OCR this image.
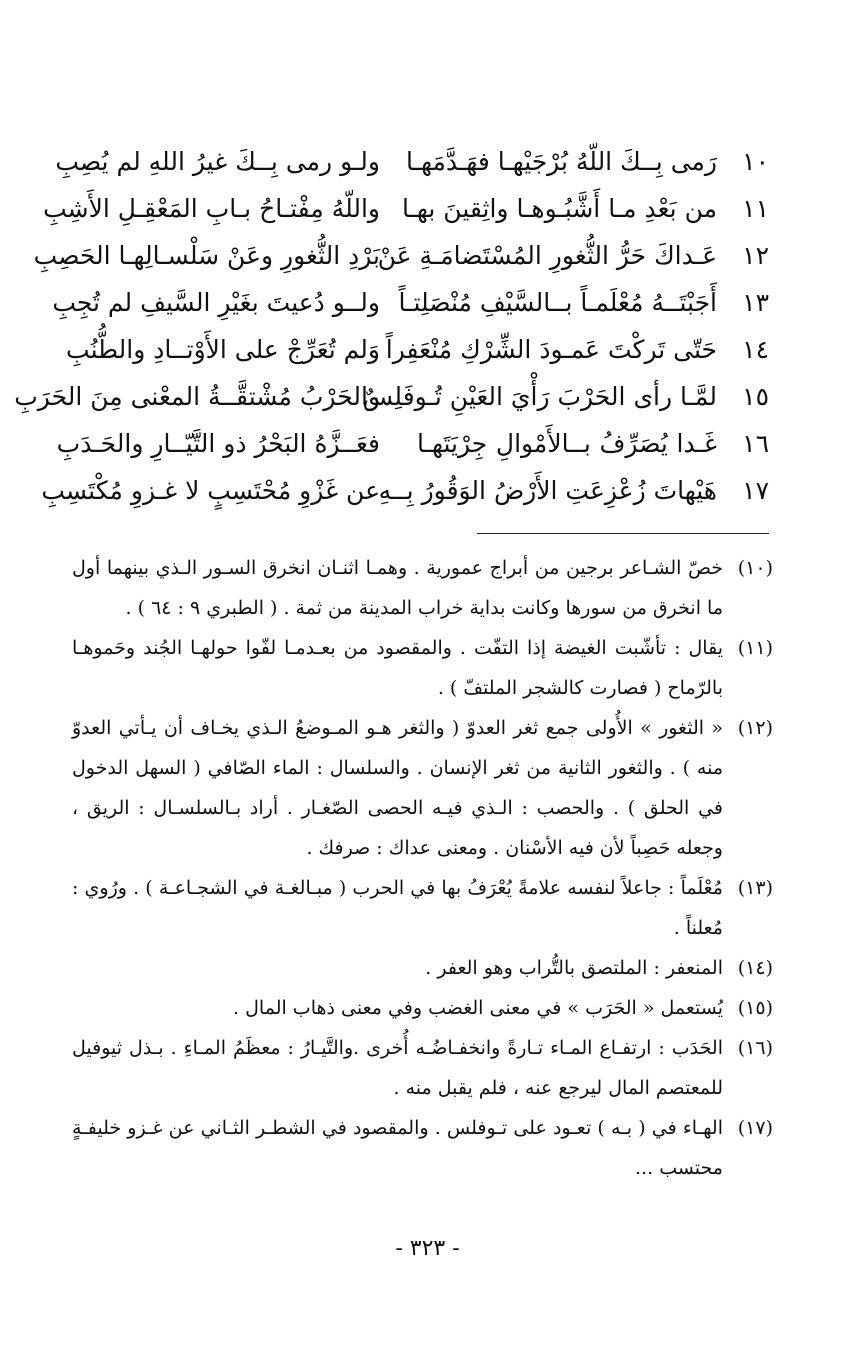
١٠
رَمى بِــكَ اللّهُ بُرْجَيْهـا فهَـدَّمَهـا
ولـو رمى بِــكَ غيرُ اللهِ لم يُصِبِ
١١
من بَعْدِ مـا أَشَّبُـوهـا واثِقينَ بهـا
واللّهُ مِفْتـاحُ بـابِ المَعْقِـلِ الأَشِبِ
١٢
عَـداكَ حَرُّ الثُّغورِ المُسْتَضامَـةِ عَنْ
بَرْدِ الثُّغورِ وعَنْ سَلْسـالِهـا الحَصِبِ
١٣
أَجَبْتَــهُ مُعْلَمـاً بــالسَّيْفِ مُنْصَلِتـاً
ولــو دُعيتَ بغَيْرِ السَّيفِ لم تُجِبِ
١٤
حَتّى تَركْتَ عَمـودَ الشِّرْكِ مُنْعَفِراً
وَلم تُعَرِّجْ على الأَوْتــادِ والطُّنُبِ
١٥
لمَّـا رأى الحَرْبَ رَأْيَ العَيْنِ تُـوفَلِسٌ
والحَرْبُ مُشْتقَّــةُ المعْنى مِنَ الحَرَبِ
١٦
غَـدا يُصَرِّفُ بــالأَمْوالِ جِرْيَتَهـا
فعَــزَّهُ البَحْرُ ذو التَّيّــارِ والحَـدَبِ
١٧
هَيْهاتَ زُعْزِعَتِ الأَرْضُ الوَقُورُ بِــهِ
عن غَزْوِ مُحْتَسِبٍ لا غـزوِ مُكْتَسِبِ
(١٠)
خصّ الشـاعر برجين من أبراج عمورية . وهمـا اثنـان انخرق السـور الـذي بينهما أول ما انخرق من سورها وكانت بداية خراب المدينة من ثمة . ( الطبري ٩ : ٦٤ ) .
(١١)
يقال : تأشّبت الغيضة إذا التفّت . والمقصود من بعـدمـا لفّوا حولهـا الجُند وحَموهـا بالرّماح ( فصارت كالشجر الملتفّ ) .
(١٢)
« الثغور » الأُولى جمع ثغر العدوّ ( والثغر هـو المـوضعُ الـذي يخـاف أن يـأتي العدوّ منه ) . والثغور الثانية من ثغر الإنسان . والسلسال : الماء الصّافي ( السهل الدخول في الحلق ) . والحصب : الـذي فيـه الحصى الصّغـار . أراد بـالسلسـال : الريق ، وجعله حَصِباً لأن فيه الأسْنان . ومعنى عداك : صرفك .
(١٣)
مُعْلَماً : جاعلاً لنفسه علامةً يُعْرَفُ بها في الحرب ( مبـالغـة في الشجـاعـة ) . ورُوي : مُعلناً .
(١٤)
المنعفر : الملتصق بالتُّراب وهو العفر .
(١٥)
يُستعمل « الحَرَب » في معنى الغضب وفي معنى ذهاب المال .
(١٦)
الحَدَب : ارتفـاع المـاء تـارةً وانخفـاضُـه أُخرى .والتَّيـارُ : معظَمُ المـاءِ . بـذل ثيوفيل للمعتصم المال ليرجع عنه ، فلم يقبل منه .
(١٧)
الهـاء في ( بـه ) تعـود على تـوفلس . والمقصود في الشطـر الثـاني عن غـزو خليفـةٍ محتسب ...
- ٣٢٣ -
